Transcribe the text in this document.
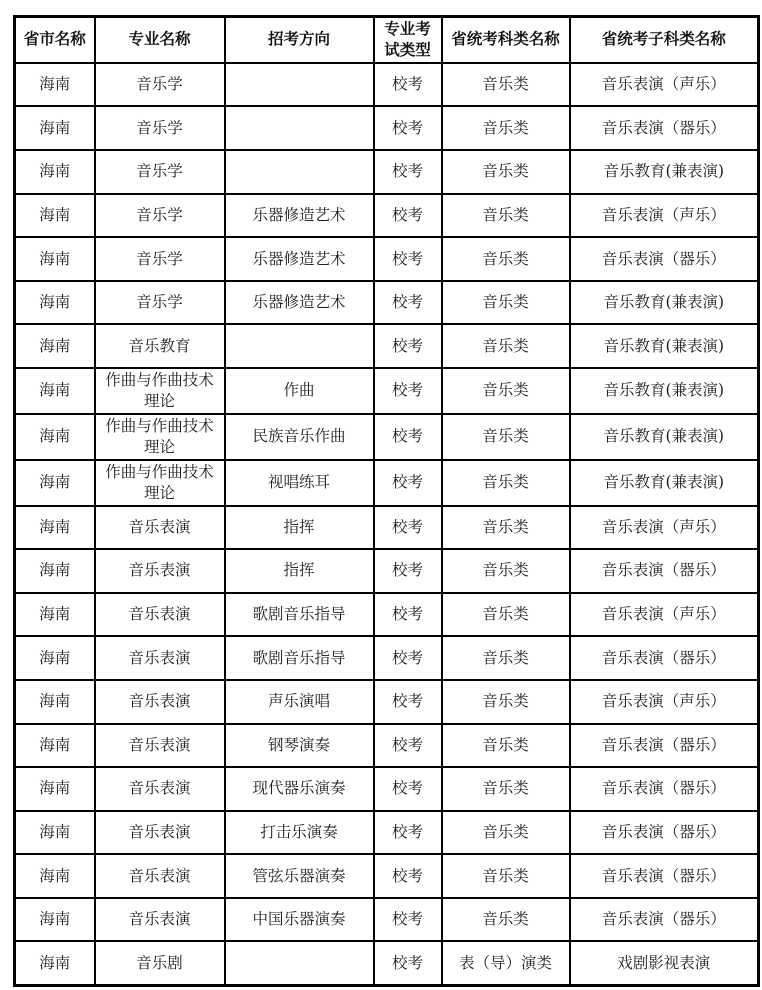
省市名称	专业名称	招考方向	专业考试类型	省统考科类名称	省统考子科类名称
海南	音乐学		校考	音乐类	音乐表演（声乐）
海南	音乐学		校考	音乐类	音乐表演（器乐）
海南	音乐学		校考	音乐类	音乐教育(兼表演)
海南	音乐学	乐器修造艺术	校考	音乐类	音乐表演（声乐）
海南	音乐学	乐器修造艺术	校考	音乐类	音乐表演（器乐）
海南	音乐学	乐器修造艺术	校考	音乐类	音乐教育(兼表演)
海南	音乐教育		校考	音乐类	音乐教育(兼表演)
海南	作曲与作曲技术理论	作曲	校考	音乐类	音乐教育(兼表演)
海南	作曲与作曲技术理论	民族音乐作曲	校考	音乐类	音乐教育(兼表演)
海南	作曲与作曲技术理论	视唱练耳	校考	音乐类	音乐教育(兼表演)
海南	音乐表演	指挥	校考	音乐类	音乐表演（声乐）
海南	音乐表演	指挥	校考	音乐类	音乐表演（器乐）
海南	音乐表演	歌剧音乐指导	校考	音乐类	音乐表演（声乐）
海南	音乐表演	歌剧音乐指导	校考	音乐类	音乐表演（器乐）
海南	音乐表演	声乐演唱	校考	音乐类	音乐表演（声乐）
海南	音乐表演	钢琴演奏	校考	音乐类	音乐表演（器乐）
海南	音乐表演	现代器乐演奏	校考	音乐类	音乐表演（器乐）
海南	音乐表演	打击乐演奏	校考	音乐类	音乐表演（器乐）
海南	音乐表演	管弦乐器演奏	校考	音乐类	音乐表演（器乐）
海南	音乐表演	中国乐器演奏	校考	音乐类	音乐表演（器乐）
海南	音乐剧		校考	表（导）演类	戏剧影视表演
